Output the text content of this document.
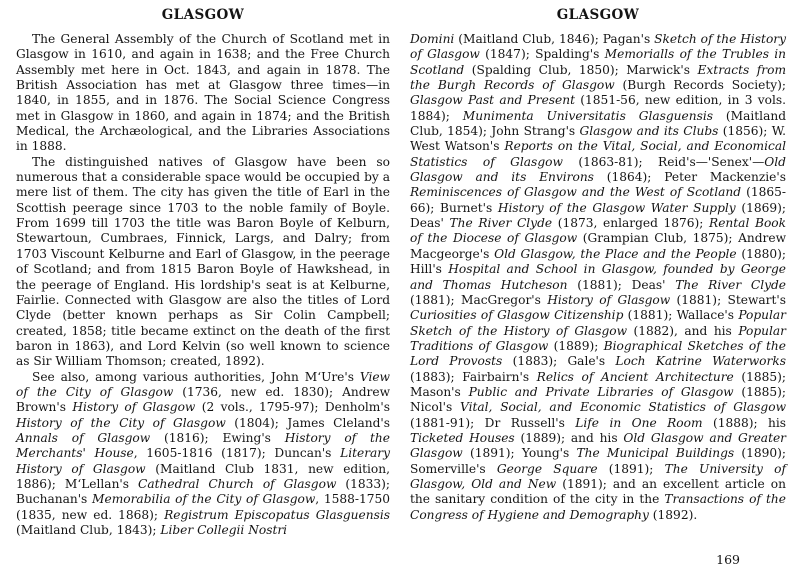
GLASGOW

The General Assembly of the Church of Scotland met in Glasgow in 1610, and again in 1638; and the Free Church Assembly met here in Oct. 1843, and again in 1878. The British Association has met at Glasgow three times—in 1840, in 1855, and in 1876. The Social Science Congress met in Glasgow in 1860, and again in 1874; and the British Medical, the Archæological, and the Libraries Associations in 1888.

The distinguished natives of Glasgow have been so numerous that a considerable space would be occupied by a mere list of them. The city has given the title of Earl in the Scottish peerage since 1703 to the noble family of Boyle. From 1699 till 1703 the title was Baron Boyle of Kelburn, Stewartoun, Cumbraes, Finnick, Largs, and Dalry; from 1703 Viscount Kelburne and Earl of Glasgow, in the peerage of Scotland; and from 1815 Baron Boyle of Hawkshead, in the peerage of England. His lordship's seat is at Kelburne, Fairlie. Connected with Glasgow are also the titles of Lord Clyde (better known perhaps as Sir Colin Campbell; created, 1858; title became extinct on the death of the first baron in 1863), and Lord Kelvin (so well known to science as Sir William Thomson; created, 1892).

See also, among various authorities, John M‘Ure's View of the City of Glasgow (1736, new ed. 1830); Andrew Brown's History of Glasgow (2 vols., 1795-97); Denholm's History of the City of Glasgow (1804); James Cleland's Annals of Glasgow (1816); Ewing's History of the Merchants' House, 1605-1816 (1817); Duncan's Literary History of Glasgow (Maitland Club 1831, new edition, 1886); M‘Lellan's Cathedral Church of Glasgow (1833); Buchanan's Memorabilia of the City of Glasgow, 1588-1750 (1835, new ed. 1868); Registrum Episcopatus Glasguensis (Maitland Club, 1843); Liber Collegii Nostri

GLASGOW

Domini (Maitland Club, 1846); Pagan's Sketch of the History of Glasgow (1847); Spalding's Memorialls of the Trubles in Scotland (Spalding Club, 1850); Marwick's Extracts from the Burgh Records of Glasgow (Burgh Records Society); Glasgow Past and Present (1851-56, new edition, in 3 vols. 1884); Munimenta Universitatis Glasguensis (Maitland Club, 1854); John Strang's Glasgow and its Clubs (1856); W. West Watson's Reports on the Vital, Social, and Economical Statistics of Glasgow (1863-81); Reid's—'Senex'—Old Glasgow and its Environs (1864); Peter Mackenzie's Reminiscences of Glasgow and the West of Scotland (1865-66); Burnet's History of the Glasgow Water Supply (1869); Deas' The River Clyde (1873, enlarged 1876); Rental Book of the Diocese of Glasgow (Grampian Club, 1875); Andrew Macgeorge's Old Glasgow, the Place and the People (1880); Hill's Hospital and School in Glasgow, founded by George and Thomas Hutcheson (1881); Deas' The River Clyde (1881); MacGregor's History of Glasgow (1881); Stewart's Curiosities of Glasgow Citizenship (1881); Wallace's Popular Sketch of the History of Glasgow (1882), and his Popular Traditions of Glasgow (1889); Biographical Sketches of the Lord Provosts (1883); Gale's Loch Katrine Waterworks (1883); Fairbairn's Relics of Ancient Architecture (1885); Mason's Public and Private Libraries of Glasgow (1885); Nicol's Vital, Social, and Economic Statistics of Glasgow (1881-91); Dr Russell's Life in One Room (1888); his Ticketed Houses (1889); and his Old Glasgow and Greater Glasgow (1891); Young's The Municipal Buildings (1890); Somerville's George Square (1891); The University of Glasgow, Old and New (1891); and an excellent article on the sanitary condition of the city in the Transactions of the Congress of Hygiene and Demography (1892).

169
